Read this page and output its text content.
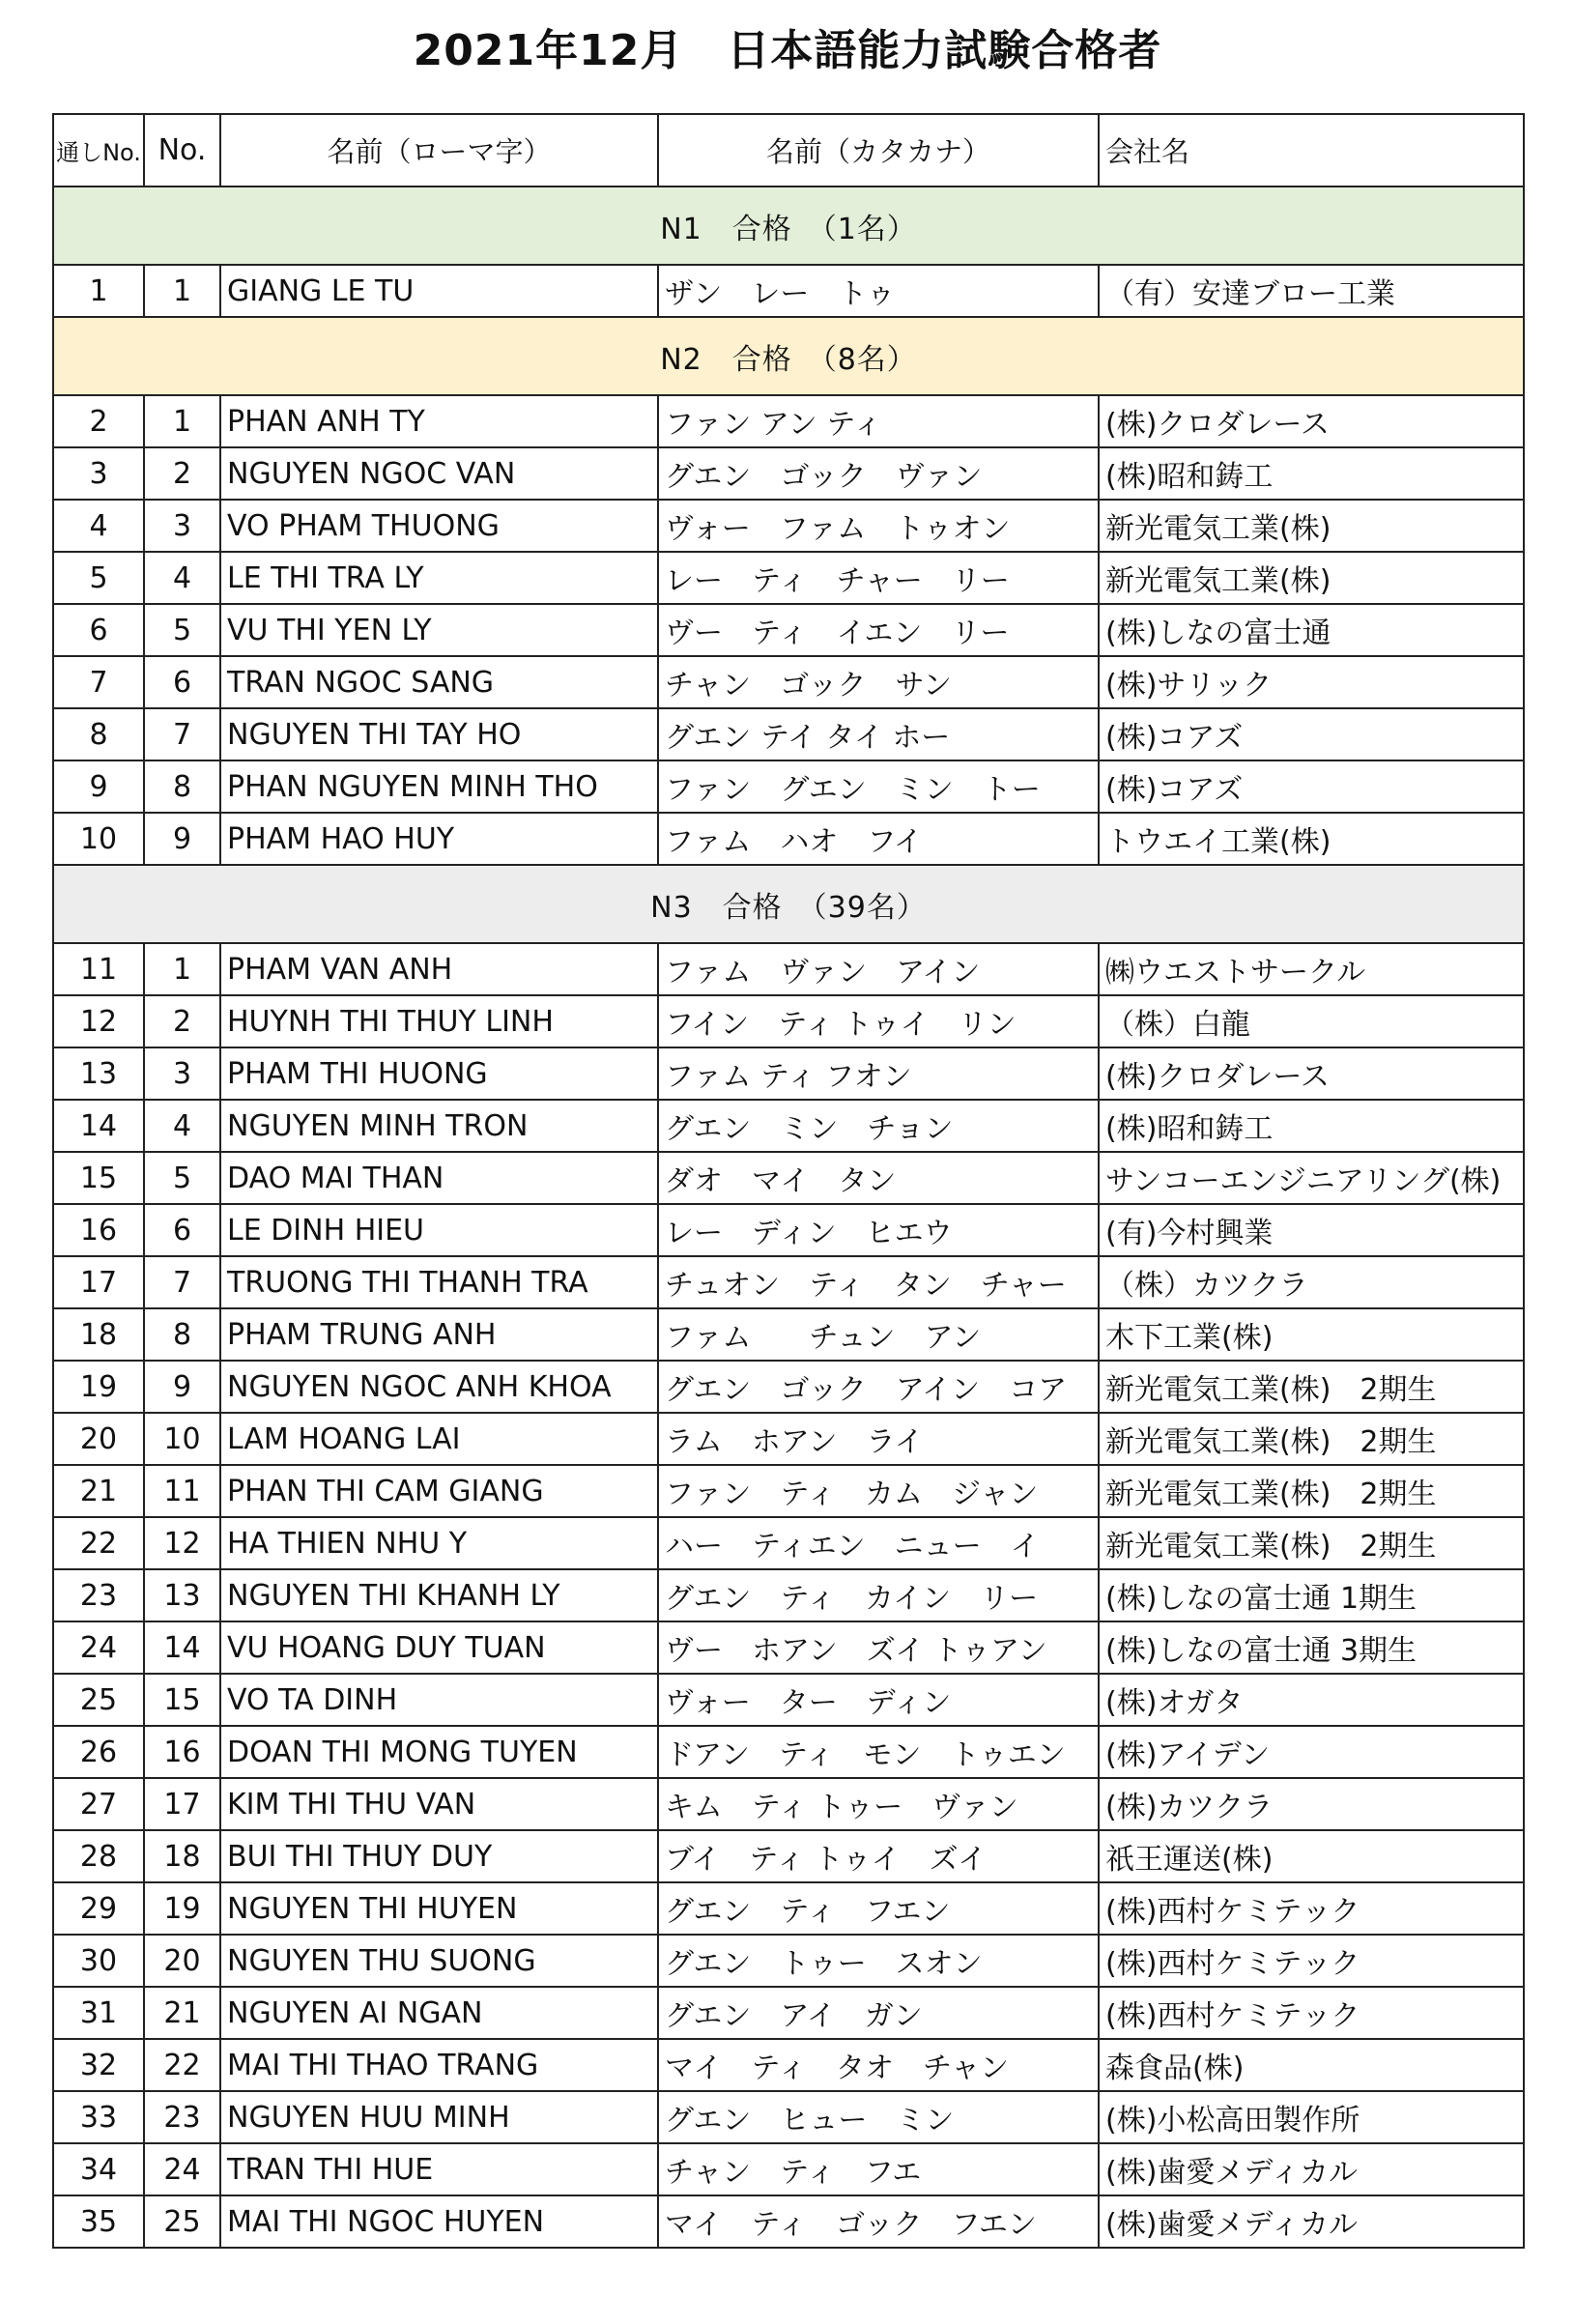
2021年12月　日本語能力試験合格者
通しNo.	No.	名前（ローマ字）	名前（カタカナ）	会社名
N1　合格　（1名）				
1	1	GIANG LE TU	ザン　レー　トゥ	（有）安達ブロー工業
N2　合格　（8名）				
2	1	PHAN ANH TY	ファン アン ティ	(株)クロダレース
3	2	NGUYEN NGOC VAN	グエン　ゴック　ヴァン	(株)昭和鋳工
4	3	VO PHAM THUONG	ヴォー　ファム　トゥオン	新光電気工業(株)
5	4	LE THI TRA LY	レー　ティ　チャー　リー	新光電気工業(株)
6	5	VU THI YEN LY	ヴー　ティ　イエン　リー	(株)しなの富士通
7	6	TRAN NGOC SANG	チャン　ゴック　サン	(株)サリック
8	7	NGUYEN THI TAY HO	グエン テイ タイ ホー	(株)コアズ
9	8	PHAN NGUYEN MINH THO	ファン　グエン　ミン　トー	(株)コアズ
10	9	PHAM HAO HUY	ファム　ハオ　フイ	トウエイ工業(株)
N3　合格　（39名）				
11	1	PHAM VAN ANH	ファム　ヴァン　アイン	㈱ウエストサークル
12	2	HUYNH THI THUY LINH	フイン　ティ トゥイ　リン	（株）白龍
13	3	PHAM THI HUONG	ファム ティ フオン	(株)クロダレース
14	4	NGUYEN MINH TRON	グエン　ミン　チョン	(株)昭和鋳工
15	5	DAO MAI THAN	ダオ　マイ　タン	サンコーエンジニアリング(株)
16	6	LE DINH HIEU	レー　ディン　ヒエウ	(有)今村興業
17	7	TRUONG THI THANH TRA	チュオン　ティ　タン　チャー	（株）カツクラ
18	8	PHAM TRUNG ANH	ファム　　チュン　アン	木下工業(株)
19	9	NGUYEN NGOC ANH KHOA	グエン　ゴック　アイン　コア	新光電気工業(株)　2期生
20	10	LAM HOANG LAI	ラム　ホアン　ライ	新光電気工業(株)　2期生
21	11	PHAN THI CAM GIANG	ファン　ティ　カム　ジャン	新光電気工業(株)　2期生
22	12	HA THIEN NHU Y	ハー　ティエン　ニュー　イ	新光電気工業(株)　2期生
23	13	NGUYEN THI KHANH LY	グエン　ティ　カイン　リー	(株)しなの富士通 1期生
24	14	VU HOANG DUY TUAN	ヴー　ホアン　ズイ トゥアン	(株)しなの富士通 3期生
25	15	VO TA DINH	ヴォー　ター　ディン	(株)オガタ
26	16	DOAN THI MONG TUYEN	ドアン　ティ　モン　トゥエン	(株)アイデン
27	17	KIM THI THU VAN	キム　ティ トゥー　ヴァン	(株)カツクラ
28	18	BUI THI THUY DUY	ブイ　ティ トゥイ　ズイ	祇王運送(株)
29	19	NGUYEN THI HUYEN	グエン　ティ　フエン	(株)西村ケミテック
30	20	NGUYEN THU SUONG	グエン　トゥー　スオン	(株)西村ケミテック
31	21	NGUYEN AI NGAN	グエン　アイ　ガン	(株)西村ケミテック
32	22	MAI THI THAO TRANG	マイ　ティ　タオ　チャン	森食品(株)
33	23	NGUYEN HUU MINH	グエン　ヒュー　ミン	(株)小松高田製作所
34	24	TRAN THI HUE	チャン　ティ　フエ	(株)歯愛メディカル
35	25	MAI THI NGOC HUYEN	マイ　ティ　ゴック　フエン	(株)歯愛メディカル
